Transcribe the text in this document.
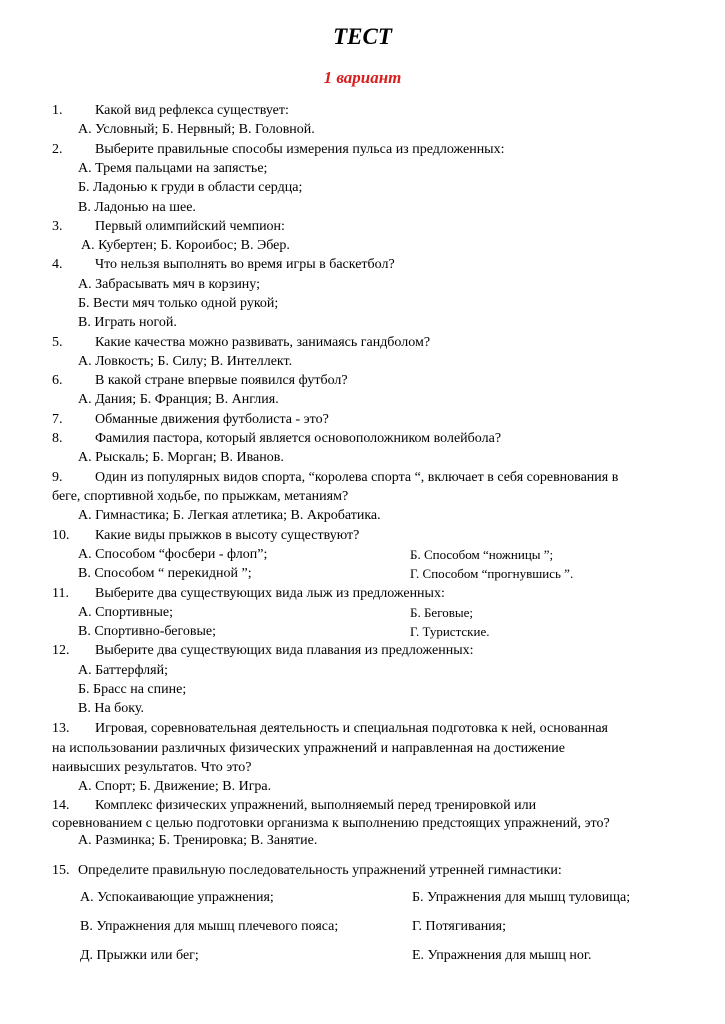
ТЕСТ
1 вариант
1. Какой вид рефлекса существует:
А. Условный; Б. Нервный; В. Головной.
2. Выберите правильные способы измерения пульса из предложенных:
А. Тремя пальцами на запястье;
Б. Ладонью к груди в области сердца;
В. Ладонью на шее.
3. Первый олимпийский чемпион:
А. Кубертен; Б. Короибос; В. Эбер.
4. Что нельзя выполнять во время игры в баскетбол?
А. Забрасывать мяч в корзину;
Б. Вести мяч только одной рукой;
В. Играть ногой.
5. Какие качества можно развивать, занимаясь гандболом?
А. Ловкость; Б. Силу; В. Интеллект.
6. В какой стране впервые появился футбол?
А. Дания; Б. Франция; В. Англия.
7. Обманные движения футболиста - это?
8. Фамилия пастора, который является основоположником волейбола?
А. Рыскаль; Б. Морган; В. Иванов.
9. Один из популярных видов спорта, “королева спорта “, включает в себя соревнования в
беге, спортивной ходьбе, по прыжкам, метаниям?
А. Гимнастика; Б. Легкая атлетика; В. Акробатика.
10. Какие виды прыжков в высоту существуют?
А. Способом “фосбери - флоп”;	Б. Способом “ножницы ”;
В. Способом “ перекидной ”;	Г. Способом “прогнувшись ”.
11. Выберите два существующих вида лыж из предложенных:
А. Спортивные;	Б. Беговые;
В. Спортивно-беговые;	Г. Туристские.
12. Выберите два существующих вида плавания из предложенных:
А. Баттерфляй;
Б. Брасс на спине;
В. На боку.
13. Игровая, соревновательная деятельность и специальная подготовка к ней, основанная
на использовании различных физических упражнений и направленная на достижение
наивысших результатов. Что это?
А. Спорт; Б. Движение; В. Игра.
14. Комплекс физических упражнений, выполняемый перед тренировкой или
соревнованием с целью подготовки организма к выполнению предстоящих упражнений, это?
А. Разминка; Б. Тренировка; В. Занятие.
15. Определите правильную последовательность упражнений утренней гимнастики:
А. Успокаивающие упражнения;	Б. Упражнения для мышц туловища;
В. Упражнения для мышц плечевого пояса;	Г. Потягивания;
Д. Прыжки или бег;	Е. Упражнения для мышц ног.
